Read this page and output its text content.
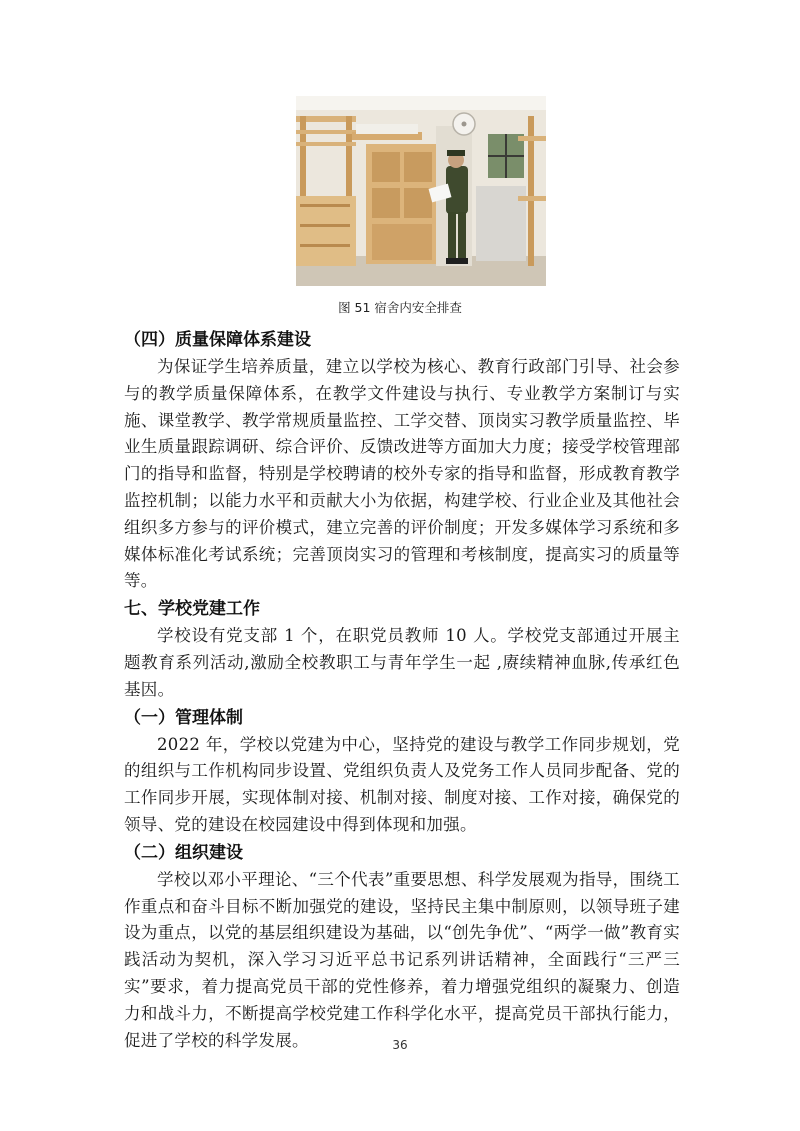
图 51 宿舍内安全排查

（四）质量保障体系建设

为保证学生培养质量，建立以学校为核心、教育行政部门引导、社会参与的教学质量保障体系，在教学文件建设与执行、专业教学方案制订与实施、课堂教学、教学常规质量监控、工学交替、顶岗实习教学质量监控、毕业生质量跟踪调研、综合评价、反馈改进等方面加大力度；接受学校管理部门的指导和监督，特别是学校聘请的校外专家的指导和监督，形成教育教学监控机制；以能力水平和贡献大小为依据，构建学校、行业企业及其他社会组织多方参与的评价模式，建立完善的评价制度；开发多媒体学习系统和多媒体标准化考试系统；完善顶岗实习的管理和考核制度，提高实习的质量等等。

七、学校党建工作

学校设有党支部 1 个，在职党员教师 10 人。学校党支部通过开展主题教育系列活动,激励全校教职工与青年学生一起 ,赓续精神血脉,传承红色基因。

（一）管理体制

2022 年，学校以党建为中心，坚持党的建设与教学工作同步规划，党的组织与工作机构同步设置、党组织负责人及党务工作人员同步配备、党的工作同步开展，实现体制对接、机制对接、制度对接、工作对接，确保党的领导、党的建设在校园建设中得到体现和加强。

（二）组织建设

学校以邓小平理论、“三个代表”重要思想、科学发展观为指导，围绕工作重点和奋斗目标不断加强党的建设，坚持民主集中制原则，以领导班子建设为重点，以党的基层组织建设为基础，以“创先争优”、“两学一做”教育实践活动为契机，深入学习习近平总书记系列讲话精神，全面践行“三严三实”要求，着力提高党员干部的党性修养，着力增强党组织的凝聚力、创造力和战斗力，不断提高学校党建工作科学化水平，提高党员干部执行能力，促进了学校的科学发展。	36
